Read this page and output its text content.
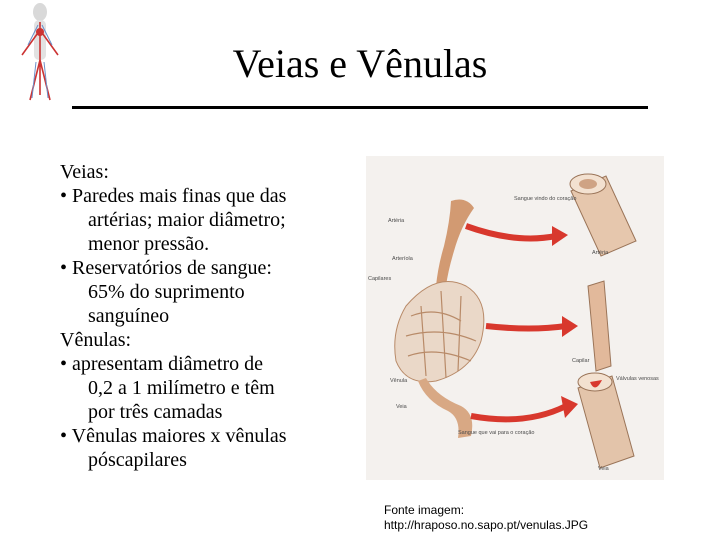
Veias e Vênulas
Veias:
• Paredes mais finas que das
artérias; maior diâmetro;
menor pressão.
• Reservatórios de sangue:
65% do suprimento
sanguíneo
Vênulas:
• apresentam diâmetro de
0,2 a 1 milímetro e têm
por três camadas
• Vênulas maiores x vênulas
póscapilares
Artéria
Arteríola
Capilares
Vênula
Veia
Sangue vindo do coração
Artéria
Capilar
Válvulas venosas
Sangue que vai para o coração
Veia
Fonte imagem:
http://hraposo.no.sapo.pt/venulas.JPG
